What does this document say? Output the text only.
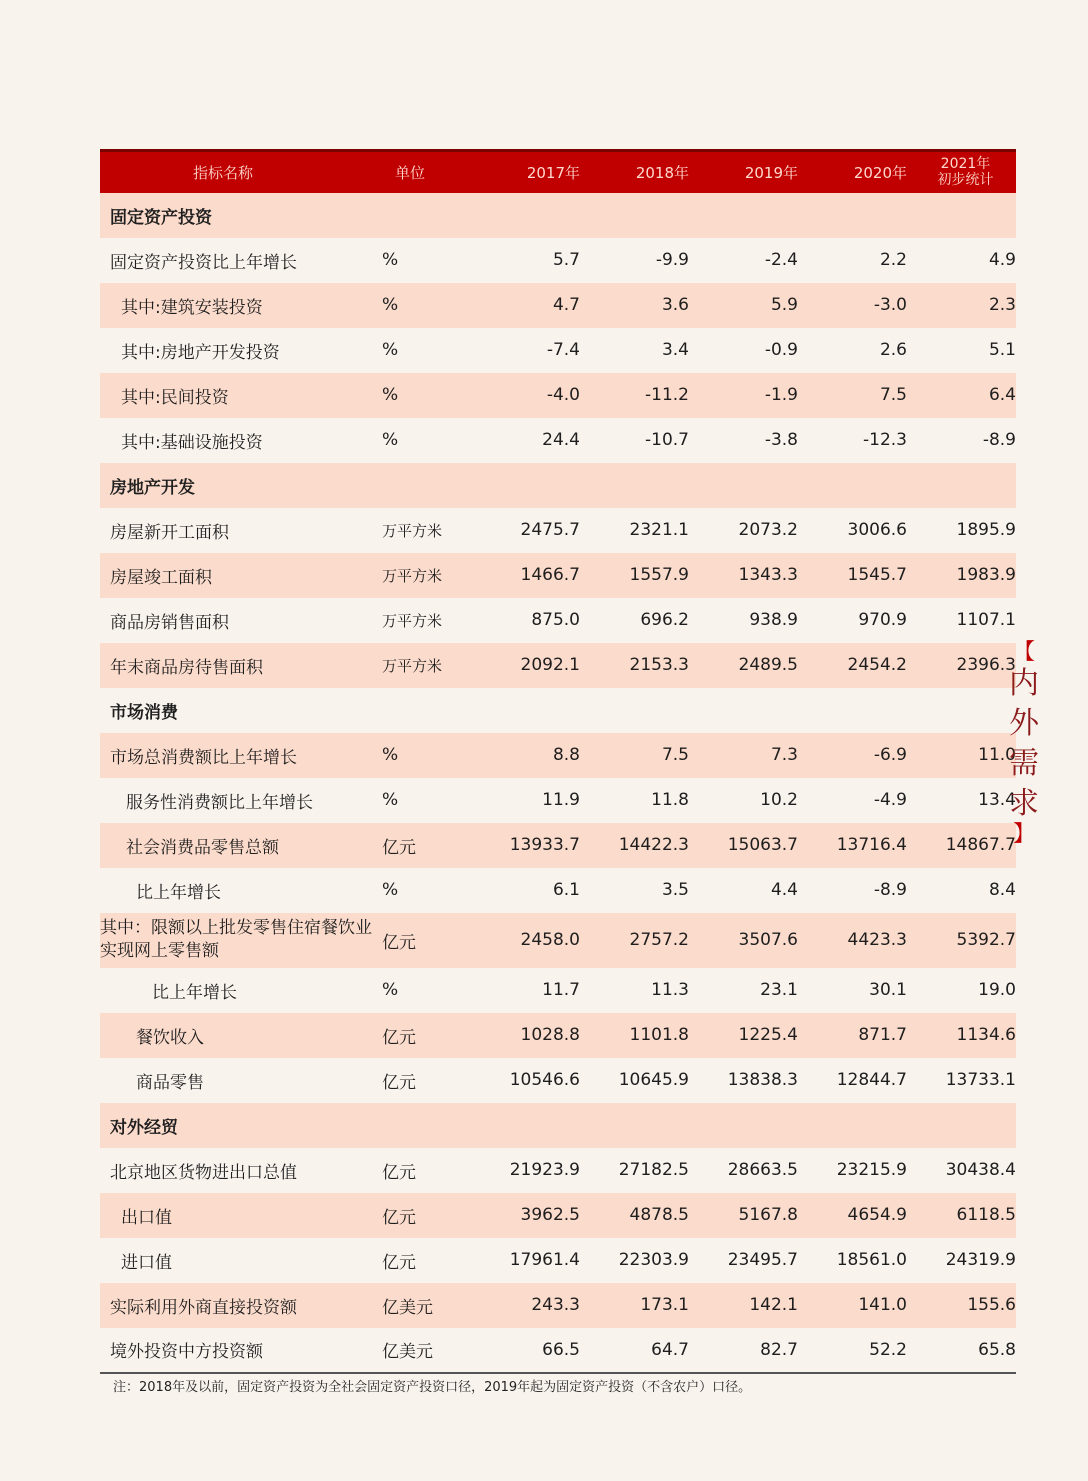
指标名称	单位	2017年	2018年	2019年	2020年	2021年
初步统计

固定资产投资						
固定资产投资比上年增长	%	5.7	-9.9	-2.4	2.2	4.9
其中:建筑安装投资	%	4.7	3.6	5.9	-3.0	2.3
其中:房地产开发投资	%	-7.4	3.4	-0.9	2.6	5.1
其中:民间投资	%	-4.0	-11.2	-1.9	7.5	6.4
其中:基础设施投资	%	24.4	-10.7	-3.8	-12.3	-8.9
房地产开发						
房屋新开工面积	万平方米	2475.7	2321.1	2073.2	3006.6	1895.9
房屋竣工面积	万平方米	1466.7	1557.9	1343.3	1545.7	1983.9
商品房销售面积	万平方米	875.0	696.2	938.9	970.9	1107.1
年末商品房待售面积	万平方米	2092.1	2153.3	2489.5	2454.2	2396.3
市场消费						
市场总消费额比上年增长	%	8.8	7.5	7.3	-6.9	11.0
服务性消费额比上年增长	%	11.9	11.8	10.2	-4.9	13.4
社会消费品零售总额	亿元	13933.7	14422.3	15063.7	13716.4	14867.7
比上年增长	%	6.1	3.5	4.4	-8.9	8.4
其中：限额以上批发零售住宿餐饮业实现网上零售额	亿元	2458.0	2757.2	3507.6	4423.3	5392.7
比上年增长	%	11.7	11.3	23.1	30.1	19.0
餐饮收入	亿元	1028.8	1101.8	1225.4	871.7	1134.6
商品零售	亿元	10546.6	10645.9	13838.3	12844.7	13733.1
对外经贸						
北京地区货物进出口总值	亿元	21923.9	27182.5	28663.5	23215.9	30438.4
出口值	亿元	3962.5	4878.5	5167.8	4654.9	6118.5
进口值	亿元	17961.4	22303.9	23495.7	18561.0	24319.9
实际利用外商直接投资额	亿美元	243.3	173.1	142.1	141.0	155.6
境外投资中方投资额	亿美元	66.5	64.7	82.7	52.2	65.8
注：2018年及以前，固定资产投资为全社会固定资产投资口径，2019年起为固定资产投资（不含农户）口径。
【
内
外
需
求
】
